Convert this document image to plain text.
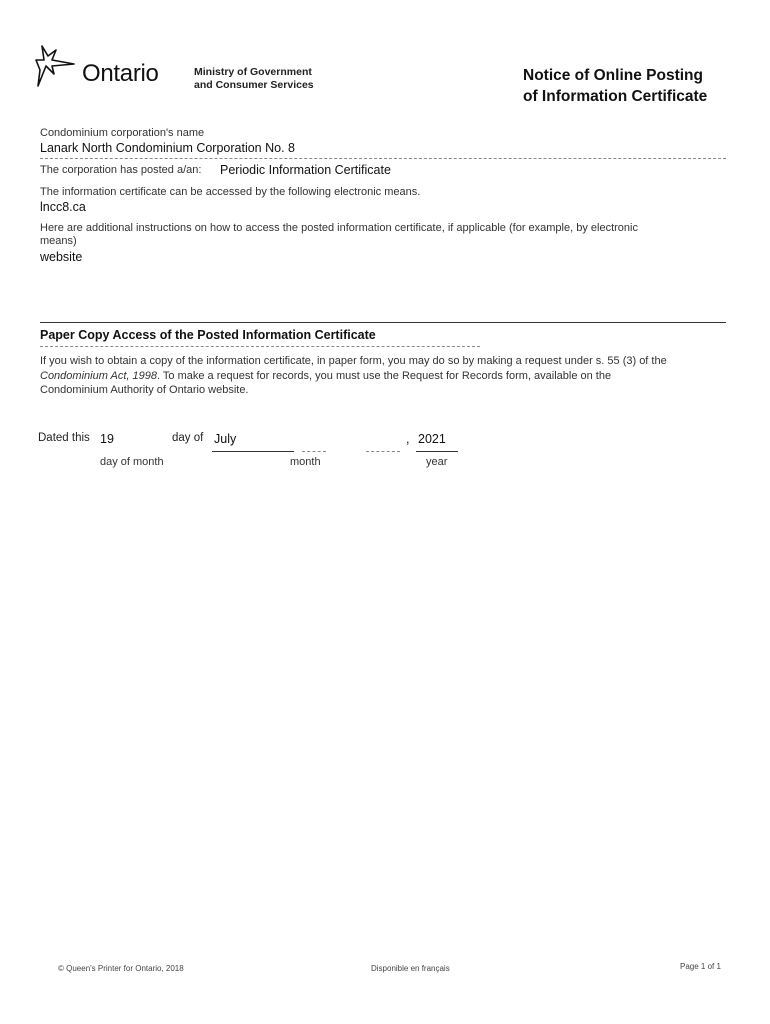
Ontario	Ministry of Government
and Consumer Services
Notice of Online Posting
of Information Certificate
Condominium corporation's name
Lanark North Condominium Corporation No. 8
The corporation has posted a/an: Periodic Information Certificate
The information certificate can be accessed by the following electronic means.
lncc8.ca
Here are additional instructions on how to access the posted information certificate, if applicable (for example, by electronic
means)
website
Paper Copy Access of the Posted Information Certificate
If you wish to obtain a copy of the information certificate, in paper form, you may do so by making a request under s. 55 (3) of the
Condominium Act, 1998. To make a request for records, you must use the Request for Records form, available on the
Condominium Authority of Ontario website.
Dated this 19	day of July	, 2021
day of month	month	year
© Queen's Printer for Ontario, 2018	Disponible en français	Page 1 of 1
